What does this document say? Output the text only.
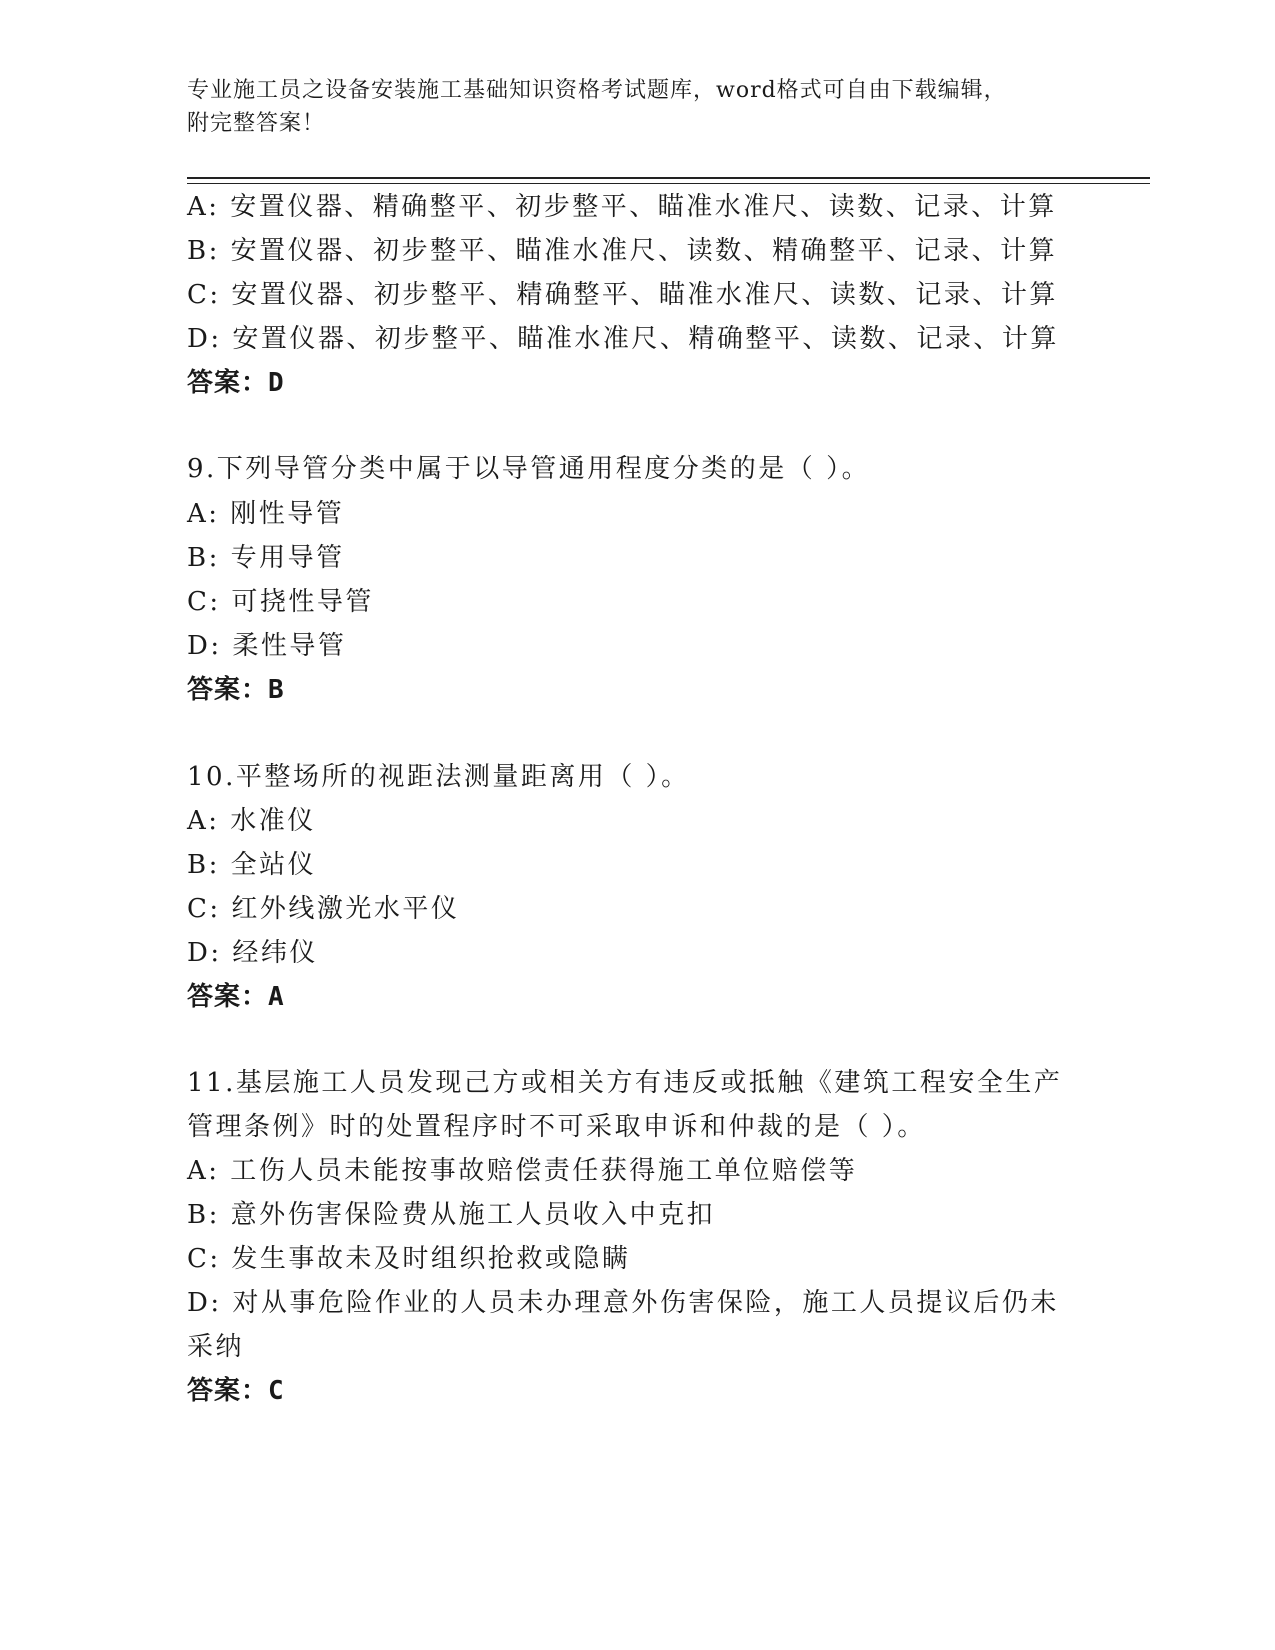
专业施工员之设备安装施工基础知识资格考试题库，word格式可自由下载编辑，
附完整答案！
A: 安置仪器、精确整平、初步整平、瞄准水准尺、读数、记录、计算
B: 安置仪器、初步整平、瞄准水准尺、读数、精确整平、记录、计算
C: 安置仪器、初步整平、精确整平、瞄准水准尺、读数、记录、计算
D: 安置仪器、初步整平、瞄准水准尺、精确整平、读数、记录、计算
答案：D
9.下列导管分类中属于以导管通用程度分类的是（ ）。
A: 刚性导管
B: 专用导管
C: 可挠性导管
D: 柔性导管
答案：B
10.平整场所的视距法测量距离用（ ）。
A: 水准仪
B: 全站仪
C: 红外线激光水平仪
D: 经纬仪
答案：A
11.基层施工人员发现己方或相关方有违反或抵触《建筑工程安全生产
管理条例》时的处置程序时不可采取申诉和仲裁的是（ ）。
A: 工伤人员未能按事故赔偿责任获得施工单位赔偿等
B: 意外伤害保险费从施工人员收入中克扣
C: 发生事故未及时组织抢救或隐瞒
D: 对从事危险作业的人员未办理意外伤害保险，施工人员提议后仍未
采纳
答案：C
